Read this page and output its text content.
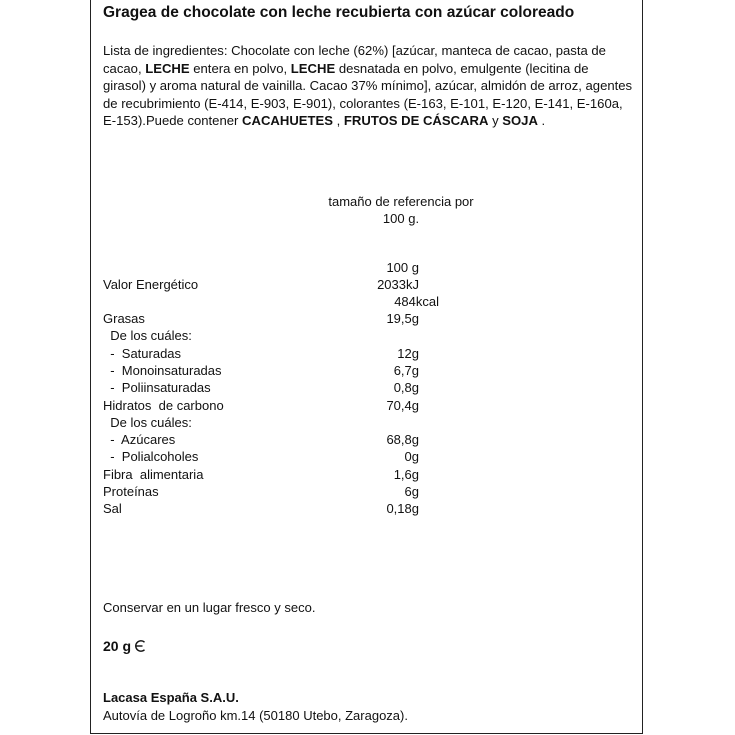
Gragea de chocolate con leche recubierta con azúcar coloreado
Lista de ingredientes: Chocolate con leche (62%) [azúcar, manteca de cacao, pasta de cacao, LECHE entera en polvo, LECHE desnatada en polvo, emulgente (lecitina de girasol) y aroma natural de vainilla. Cacao 37% mínimo], azúcar, almidón de arroz, agentes de recubrimiento (E-414, E-903, E-901), colorantes (E-163, E-101, E-120, E-141, E-160a, E-153).Puede contener CACAHUETES , FRUTOS DE CÁSCARA y SOJA .
tamaño de referencia por
100 g.
100 g
Valor Energético	2033kJ
484kcal
Grasas	19,5g
De los cuáles:
-  Saturadas	12g
-  Monoinsaturadas	6,7g
-  Poliinsaturadas	0,8g
Hidratos  de carbono	70,4g
De los cuáles:
-  Azúcares	68,8g
-  Polialcoholes	0g
Fibra  alimentaria	1,6g
Proteínas	6g
Sal	0,18g
Conservar en un lugar fresco y seco.
20 g
Lacasa España S.A.U.
Autovía de Logroño km.14 (50180 Utebo, Zaragoza).
